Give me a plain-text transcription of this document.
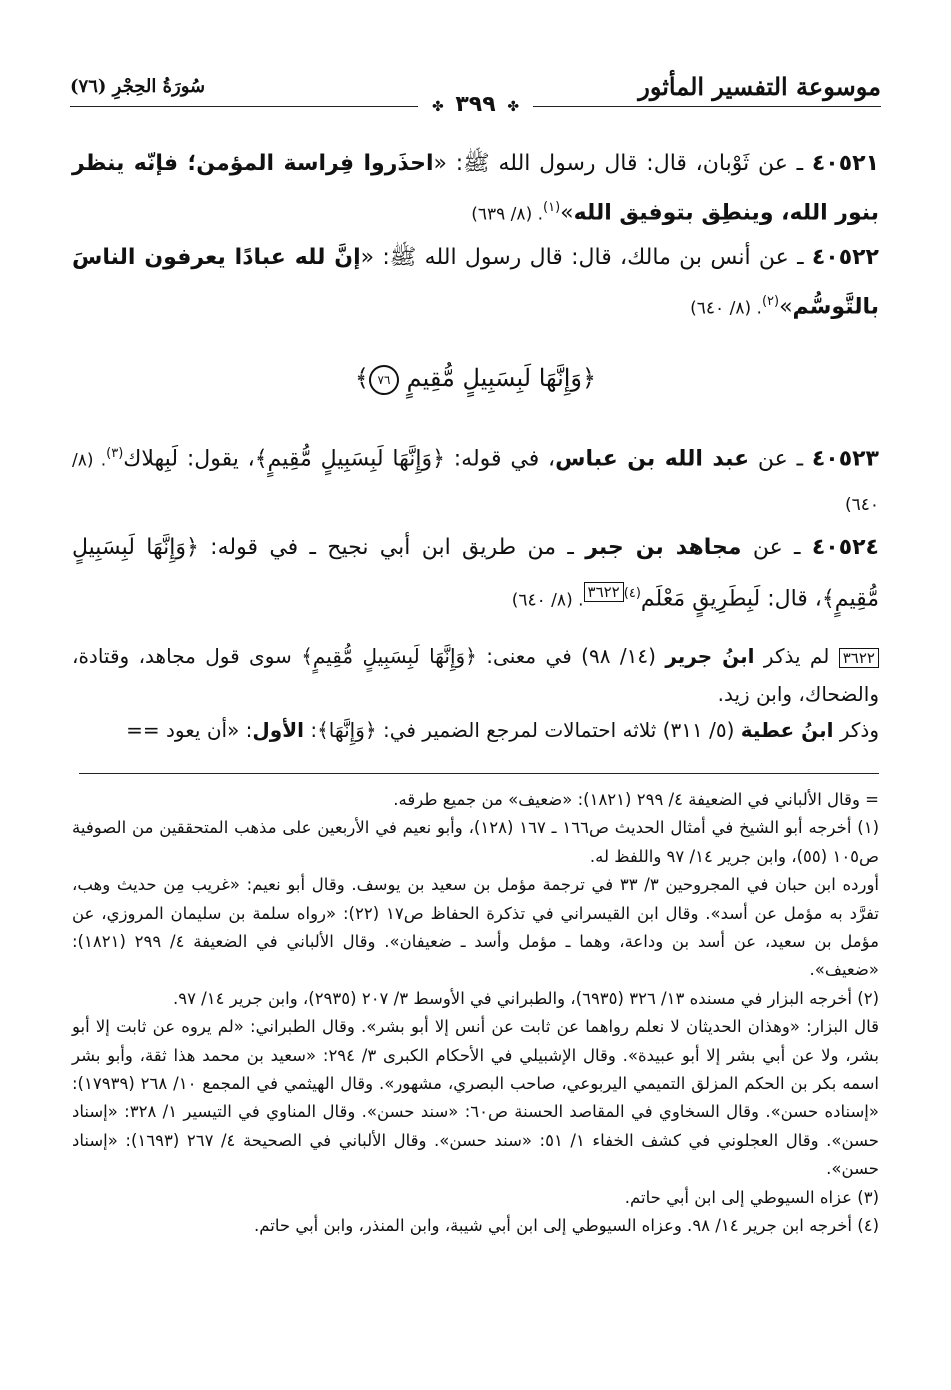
موسوعة التفسير المأثور
سُورَةُ الحِجْرِ (٧٦)
✤ ٣٩٩ ✤
٤٠٥٢١ ـ عن ثَوْبان، قال: قال رسول الله ﷺ: «احذَروا فِراسة المؤمن؛ فإنّه ينظر بنور الله، وينطِق بتوفيق الله»$^{(١)}$. (٨/ ٦٣٩)
٤٠٥٢٢ ـ عن أنس بن مالك، قال: قال رسول الله ﷺ: «إنَّ لله عبادًا يعرفون الناسَ بالتَّوسُّم»$^{(٢)}$. (٨/ ٦٤٠)
﴿وَإِنَّهَا لَبِسَبِيلٍ مُّقِيمٍ ٧٦﴾
٤٠٥٢٣ ـ عن عبد الله بن عباس، في قوله: ﴿وَإِنَّهَا لَبِسَبِيلٍ مُّقِيمٍ﴾، يقول: لَبِهلاك$^{(٣)}$. (٨/ ٦٤٠)
٤٠٥٢٤ ـ عن مجاهد بن جبر ـ من طريق ابن أبي نجيح ـ في قوله: ﴿وَإِنَّهَا لَبِسَبِيلٍ مُّقِيمٍ﴾، قال: لَبِطَرِيقٍ مَعْلَم$^{(٤)٣٦٢٢}$. (٨/ ٦٤٠)
٣٦٢٢ لم يذكر ابنُ جرير (١٤/ ٩٨) في معنى: ﴿وَإِنَّهَا لَبِسَبِيلٍ مُّقِيمٍ﴾ سوى قول مجاهد، وقتادة، والضحاك، وابن زيد.
وذكر ابنُ عطية (٥/ ٣١١) ثلاثه احتمالات لمرجع الضمير في: ﴿وَإِنَّهَا﴾: الأول: «أن يعود ==

= وقال الألباني في الضعيفة ٤/ ٢٩٩ (١٨٢١): «ضعيف» من جميع طرقه.

(١) أخرجه أبو الشيخ في أمثال الحديث ص١٦٦ ـ ١٦٧ (١٢٨)، وأبو نعيم في الأربعين على مذهب المتحققين من الصوفية ص١٠٥ (٥٥)، وابن جرير ١٤/ ٩٧ واللفظ له.

أورده ابن حبان في المجروحين ٣/ ٣٣ في ترجمة مؤمل بن سعيد بن يوسف. وقال أبو نعيم: «غريب مِن حديث وهب، تفرَّد به مؤمل عن أسد». وقال ابن القيسراني في تذكرة الحفاظ ص١٧ (٢٢): «رواه سلمة بن سليمان المروزي، عن مؤمل بن سعيد، عن أسد بن وداعة، وهما ـ مؤمل وأسد ـ ضعيفان». وقال الألباني في الضعيفة ٤/ ٢٩٩ (١٨٢١): «ضعيف».

(٢) أخرجه البزار في مسنده ١٣/ ٣٢٦ (٦٩٣٥)، والطبراني في الأوسط ٣/ ٢٠٧ (٢٩٣٥)، وابن جرير ١٤/ ٩٧.

قال البزار: «وهذان الحديثان لا نعلم رواهما عن ثابت عن أنس إلا أبو بشر». وقال الطبراني: «لم يروه عن ثابت إلا أبو بشر، ولا عن أبي بشر إلا أبو عبيدة». وقال الإشبيلي في الأحكام الكبرى ٣/ ٢٩٤: «سعيد بن محمد هذا ثقة، وأبو بشر اسمه بكر بن الحكم المزلق التميمي اليربوعي، صاحب البصري، مشهور». وقال الهيثمي في المجمع ١٠/ ٢٦٨ (١٧٩٣٩): «إسناده حسن». وقال السخاوي في المقاصد الحسنة ص٦٠: «سند حسن». وقال المناوي في التيسير ١/ ٣٢٨: «إسناد حسن». وقال العجلوني في كشف الخفاء ١/ ٥١: «سند حسن». وقال الألباني في الصحيحة ٤/ ٢٦٧ (١٦٩٣): «إسناد حسن».

(٣) عزاه السيوطي إلى ابن أبي حاتم.

(٤) أخرجه ابن جرير ١٤/ ٩٨. وعزاه السيوطي إلى ابن أبي شيبة، وابن المنذر، وابن أبي حاتم.
